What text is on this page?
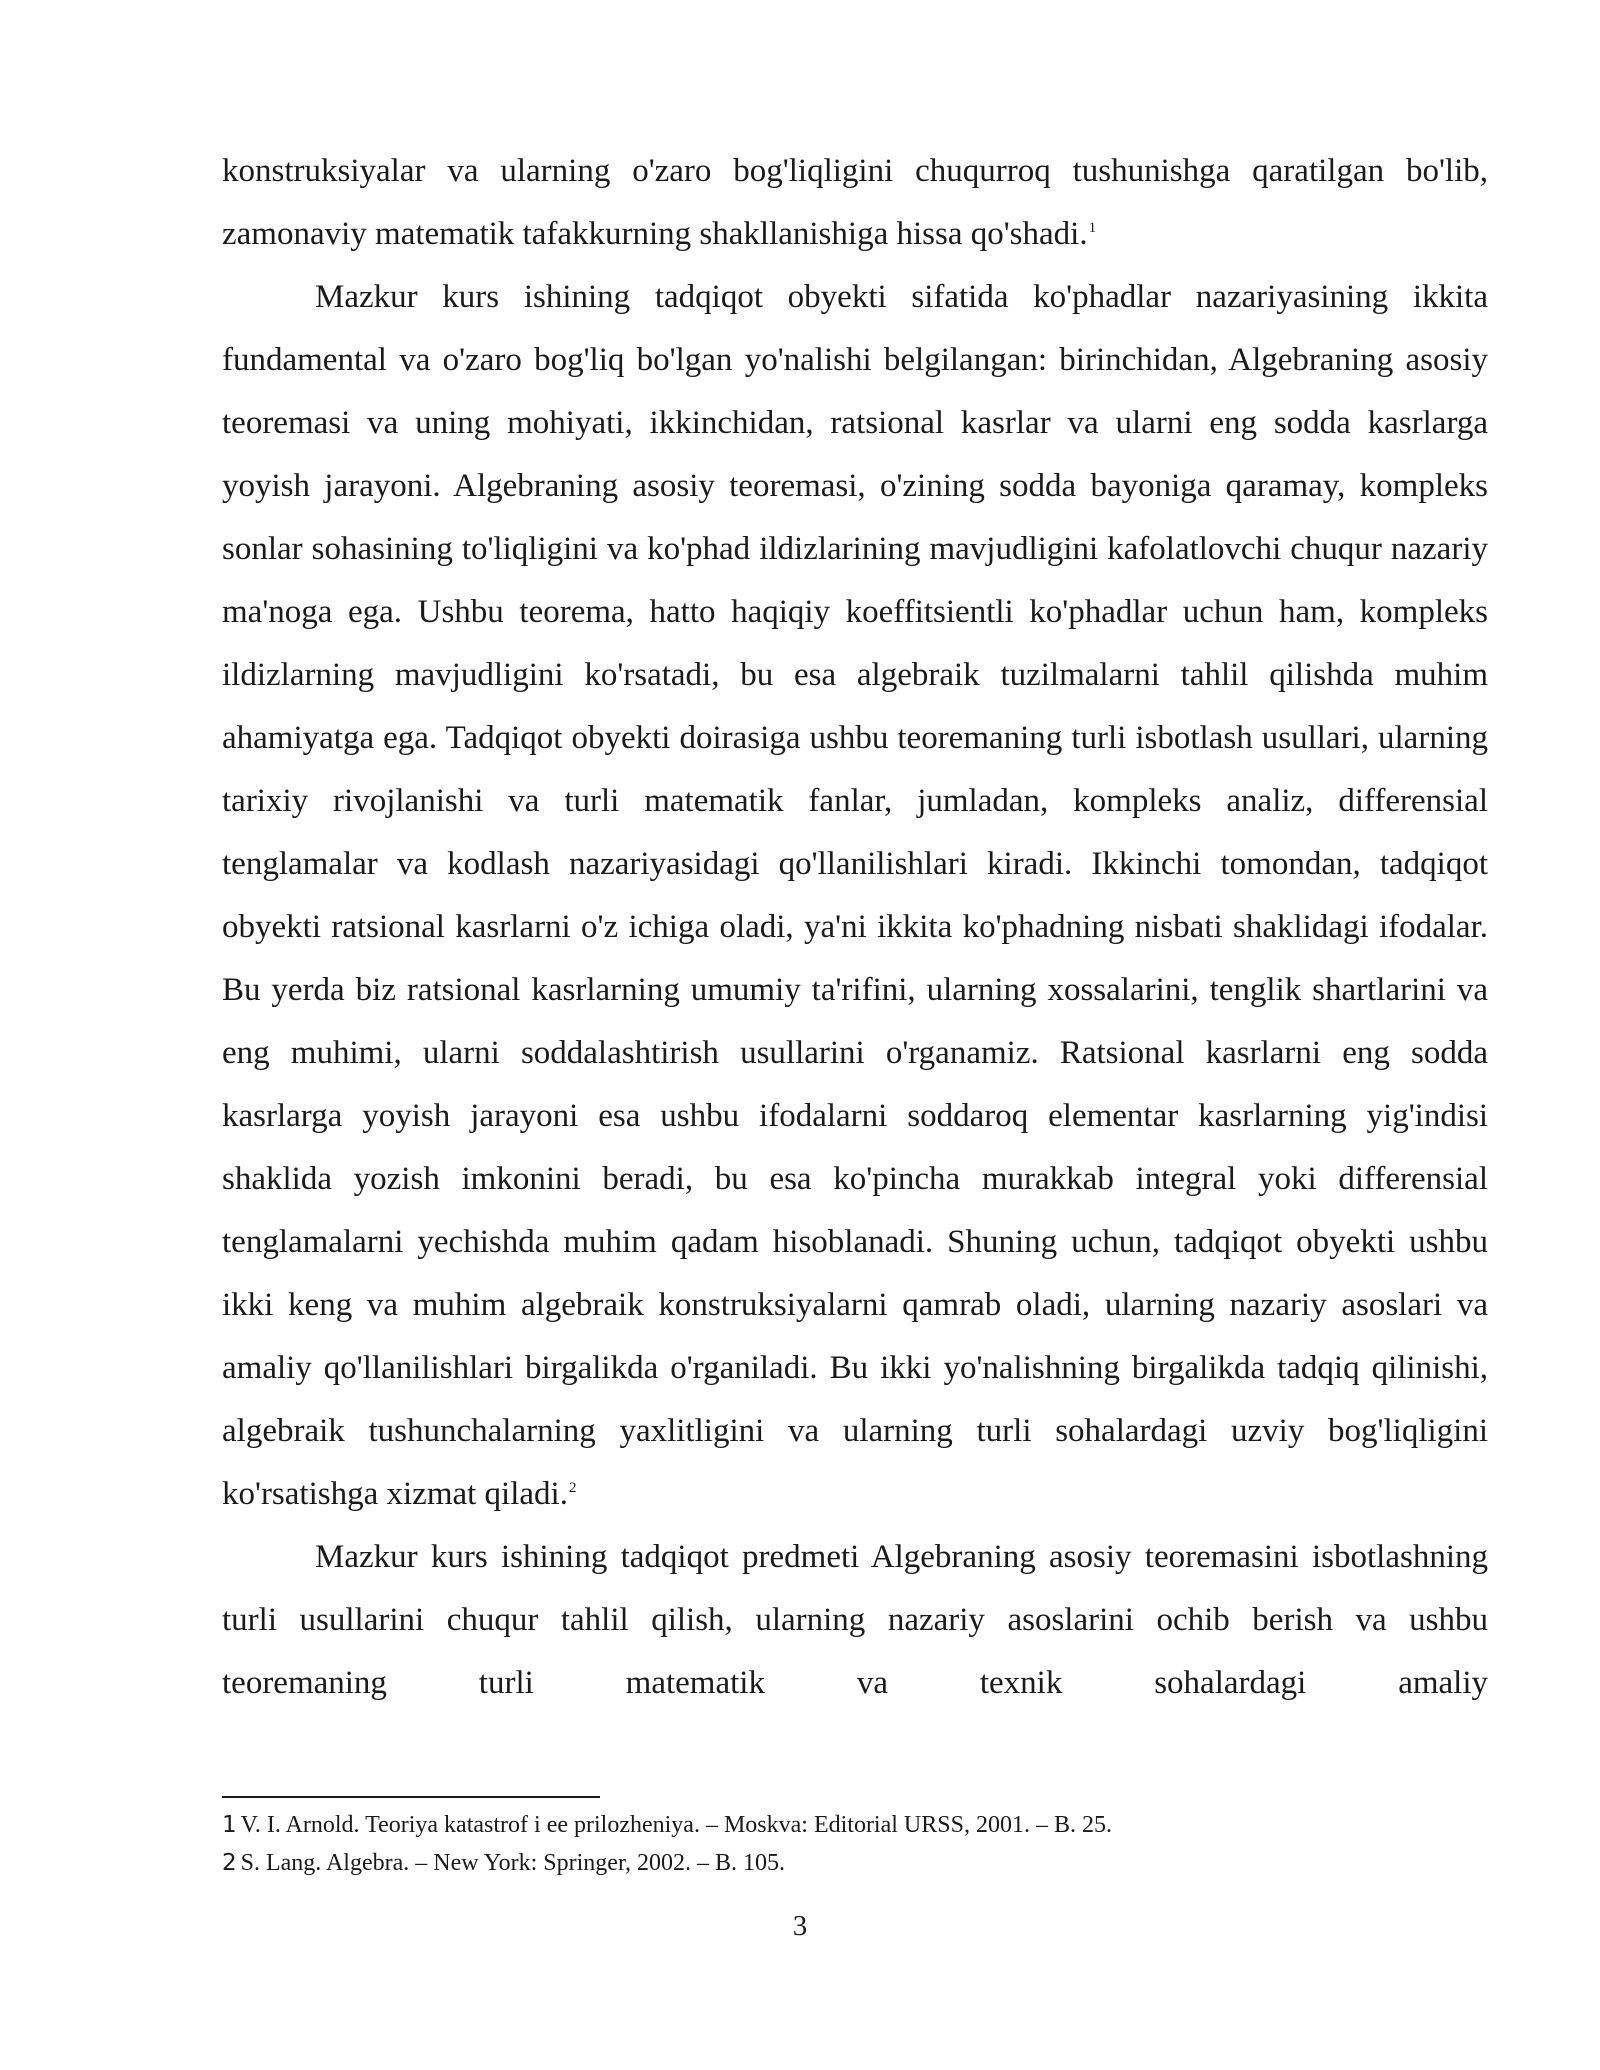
konstruksiyalar va ularning o'zaro bog'liqligini chuqurroq tushunishga qaratilgan bo'lib, zamonaviy matematik tafakkurning shakllanishiga hissa qo'shadi.$^1$

Mazkur kurs ishining tadqiqot obyekti sifatida ko'phadlar nazariyasining ikkita fundamental va o'zaro bog'liq bo'lgan yo'nalishi belgilangan: birinchidan, Algebraning asosiy teoremasi va uning mohiyati, ikkinchidan, ratsional kasrlar va ularni eng sodda kasrlarga yoyish jarayoni. Algebraning asosiy teoremasi, o'zining sodda bayoniga qaramay, kompleks sonlar sohasining to'liqligini va ko'phad ildizlarining mavjudligini kafolatlovchi chuqur nazariy ma'noga ega. Ushbu teorema, hatto haqiqiy koeffitsientli ko'phadlar uchun ham, kompleks ildizlarning mavjudligini ko'rsatadi, bu esa algebraik tuzilmalarni tahlil qilishda muhim ahamiyatga ega. Tadqiqot obyekti doirasiga ushbu teoremaning turli isbotlash usullari, ularning tarixiy rivojlanishi va turli matematik fanlar, jumladan, kompleks analiz, differensial tenglamalar va kodlash nazariyasidagi qo'llanilishlari kiradi. Ikkinchi tomondan, tadqiqot obyekti ratsional kasrlarni o'z ichiga oladi, ya'ni ikkita ko'phadning nisbati shaklidagi ifodalar. Bu yerda biz ratsional kasrlarning umumiy ta'rifini, ularning xossalarini, tenglik shartlarini va eng muhimi, ularni soddalashtirish usullarini o'rganamiz. Ratsional kasrlarni eng sodda kasrlarga yoyish jarayoni esa ushbu ifodalarni soddaroq elementar kasrlarning yig'indisi shaklida yozish imkonini beradi, bu esa ko'pincha murakkab integral yoki differensial tenglamalarni yechishda muhim qadam hisoblanadi. Shuning uchun, tadqiqot obyekti ushbu ikki keng va muhim algebraik konstruksiyalarni qamrab oladi, ularning nazariy asoslari va amaliy qo'llanilishlari birgalikda o'rganiladi. Bu ikki yo'nalishning birgalikda tadqiq qilinishi, algebraik tushunchalarning yaxlitligini va ularning turli sohalardagi uzviy bog'liqligini ko'rsatishga xizmat qiladi.$^2$

Mazkur kurs ishining tadqiqot predmeti Algebraning asosiy teoremasini isbotlashning turli usullarini chuqur tahlil qilish, ularning nazariy asoslarini ochib berish va ushbu teoremaning turli matematik va texnik sohalardagi amaliy

1 V. I. Arnold. Teoriya katastrof i ee prilozheniya. – Moskva: Editorial URSS, 2001. – B. 25.

2 S. Lang. Algebra. – New York: Springer, 2002. – B. 105.

3
